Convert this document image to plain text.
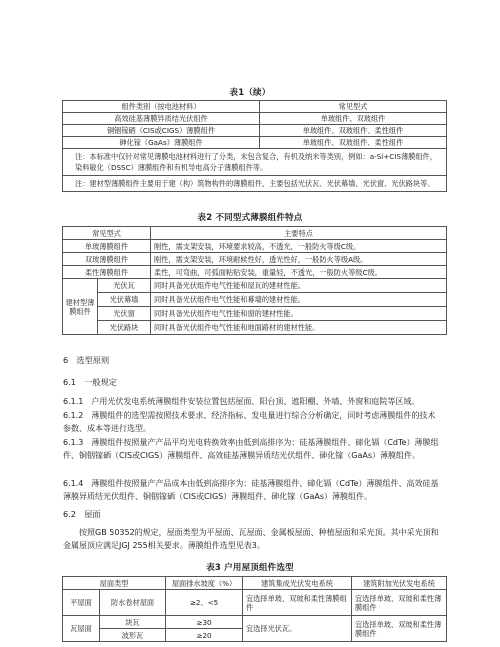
表1（续）
组件类别（按电池材料）	常见型式
高效硅基薄膜异质结光伏组件	单玻组件、双玻组件
铜铟镓硒（CIS或CIGS）薄膜组件	单玻组件、双玻组件、柔性组件
砷化镓（GaAs）薄膜组件	单玻组件、双玻组件、柔性组件
注：本标准中仅针对常见薄膜电池材料进行了分类，未包含复合，有机及纳米等类别，例如：a-Si+CIS薄膜组件，染料敏化（DSSC）薄膜组件和有机导电高分子薄膜组件等。	
注：建材型薄膜组件主要用于建（构）筑物构件的薄膜组件，主要包括光伏瓦、光伏幕墙、光伏窗、光伏路块等。	
表2 不同型式薄膜组件特点
常见型式		主要特点
单玻薄膜组件		刚性，需支架安装，环境要求较高，不透光，一般防火等级C级。
双玻薄膜组件		刚性，需支架安装，环境耐候性好，透光性好，一般防火等级A级。
柔性薄膜组件		柔性，可弯曲，可弧面粘贴安装，重量轻，不透光，一般防火等级C级。
建材型薄膜组件	光伏瓦	同时具备光伏组件电气性能和屋瓦的建材性能。
	光伏幕墙	同时具备光伏组件电气性能和幕墙的建材性能。
	光伏窗	同时具备光伏组件电气性能和窗的建材性能。
	光伏路块	同时具备光伏组件电气性能和地面路材的建材性能。
6　选型原则
6.1　一般规定
6.1.1　户用光伏发电系统薄膜组件安装位置包括屋面、阳台顶、遮阳棚、外墙、外窗和庭院等区域。
6.1.2　薄膜组件的选型需按照技术要求、经济指标、发电量进行综合分析确定，同时考虑薄膜组件的技术参数、成本等进行选型。
6.1.3　薄膜组件按照量产产品平均光电转换效率由低到高排序为：硅基薄膜组件、碲化镉（CdTe）薄膜组件、铜铟镓硒（CIS或CIGS）薄膜组件、高效硅基薄膜异质结光伏组件、砷化镓（GaAs）薄膜组件。
6.1.4　薄膜组件按照量产产品成本由低到高排序为：硅基薄膜组件、碲化镉（CdTe）薄膜组件、高效硅基薄膜异质结光伏组件、铜铟镓硒（CIS或CIGS）薄膜组件、砷化镓（GaAs）薄膜组件。
6.2　屋面
按照GB 50352的规定，屋面类型为平屋面、瓦屋面、金属板屋面、种植屋面和采光顶。其中采光顶和金属屋顶应满足JGJ 255相关要求。薄膜组件选型见表3。
表3 户用屋顶组件选型
屋面类型		屋面排水坡度（%）	建筑集成光伏发电系统	建筑附加光伏发电系统
平屋面	防水卷材屋面	≥2、<5	宜选择单玻、双玻和柔性薄膜组件	宜选择单玻、双玻和柔性薄膜组件
瓦屋面	块瓦	≥30	宜选择光伏瓦。	宜选择单玻、双玻和柔性薄膜组件
	波形瓦	≥20		
